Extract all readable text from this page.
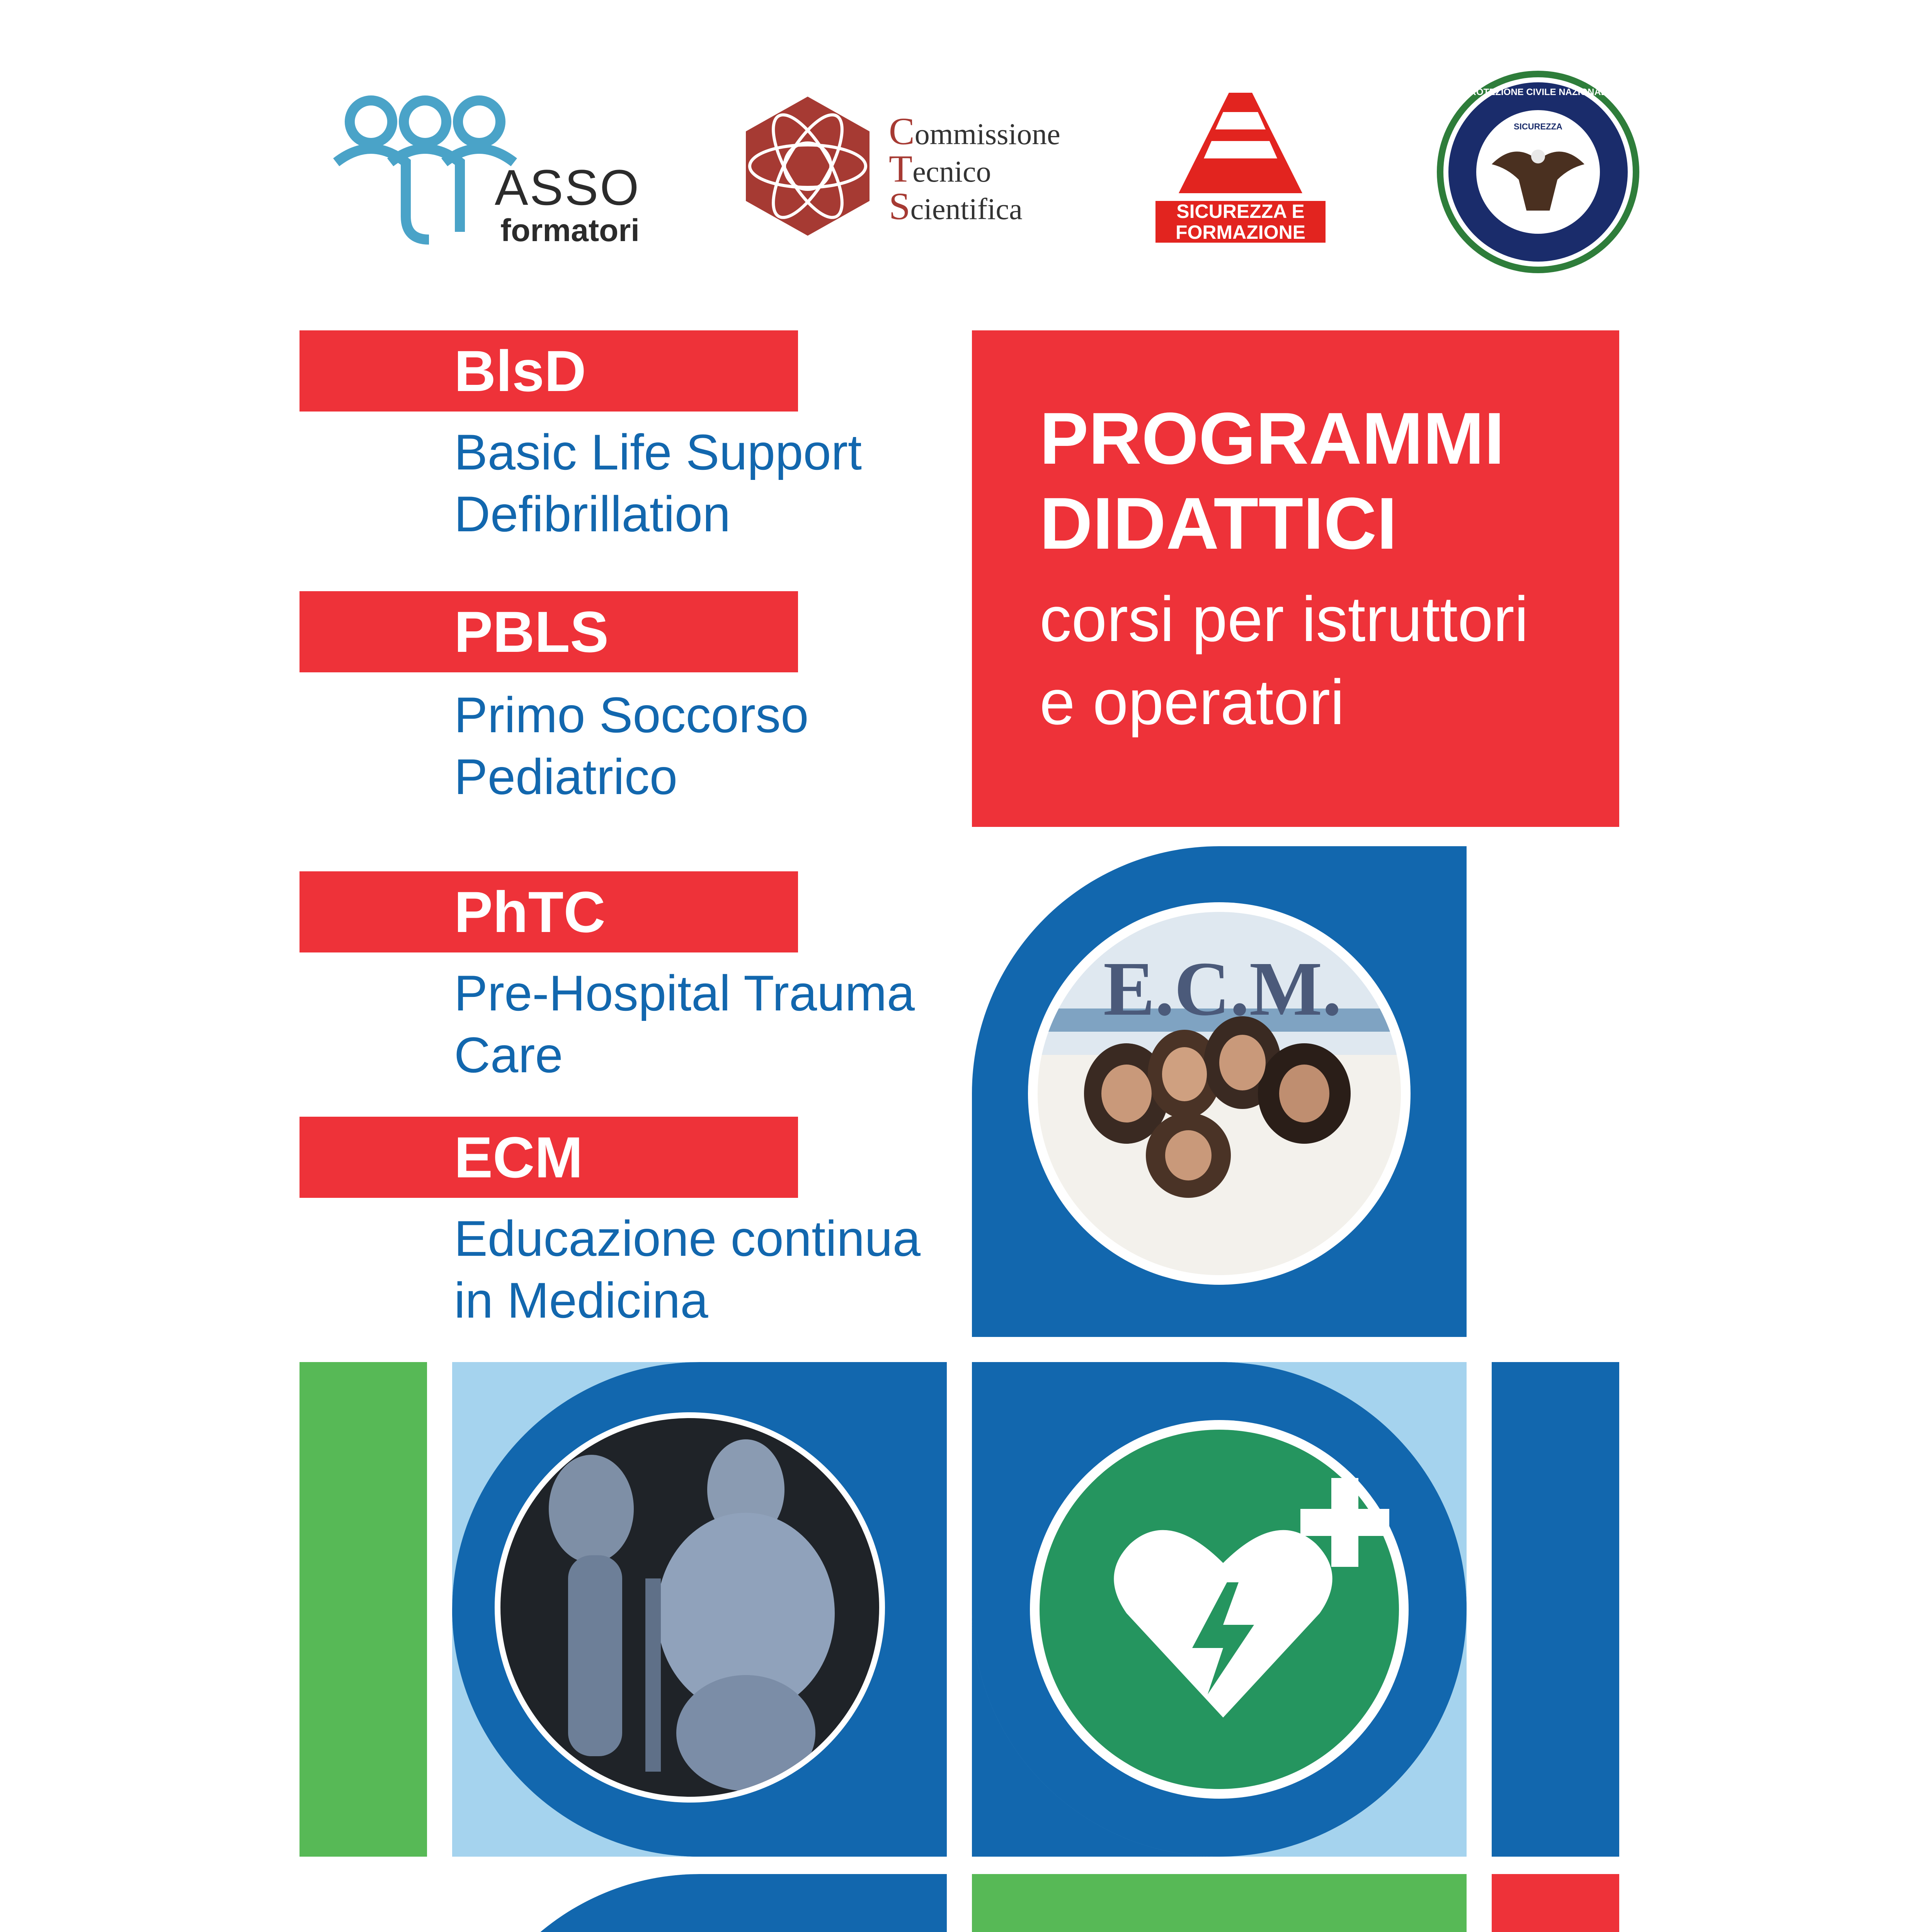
ASSO
formatori
Commissione
Tecnico
Scientifica
SNS
SICUREZZA E
FORMAZIONE
SICUREZZA
PROTEZIONE CIVILE NAZIONALE
BlsD
Basic Life Support
Defibrillation
PBLS
Primo Soccorso
Pediatrico
PhTC
Pre-Hospital Trauma
Care
ECM
Educazione continua
in Medicina
PROGRAMMI
DIDATTICI
corsi per istruttori
e operatori
E.C.M.
